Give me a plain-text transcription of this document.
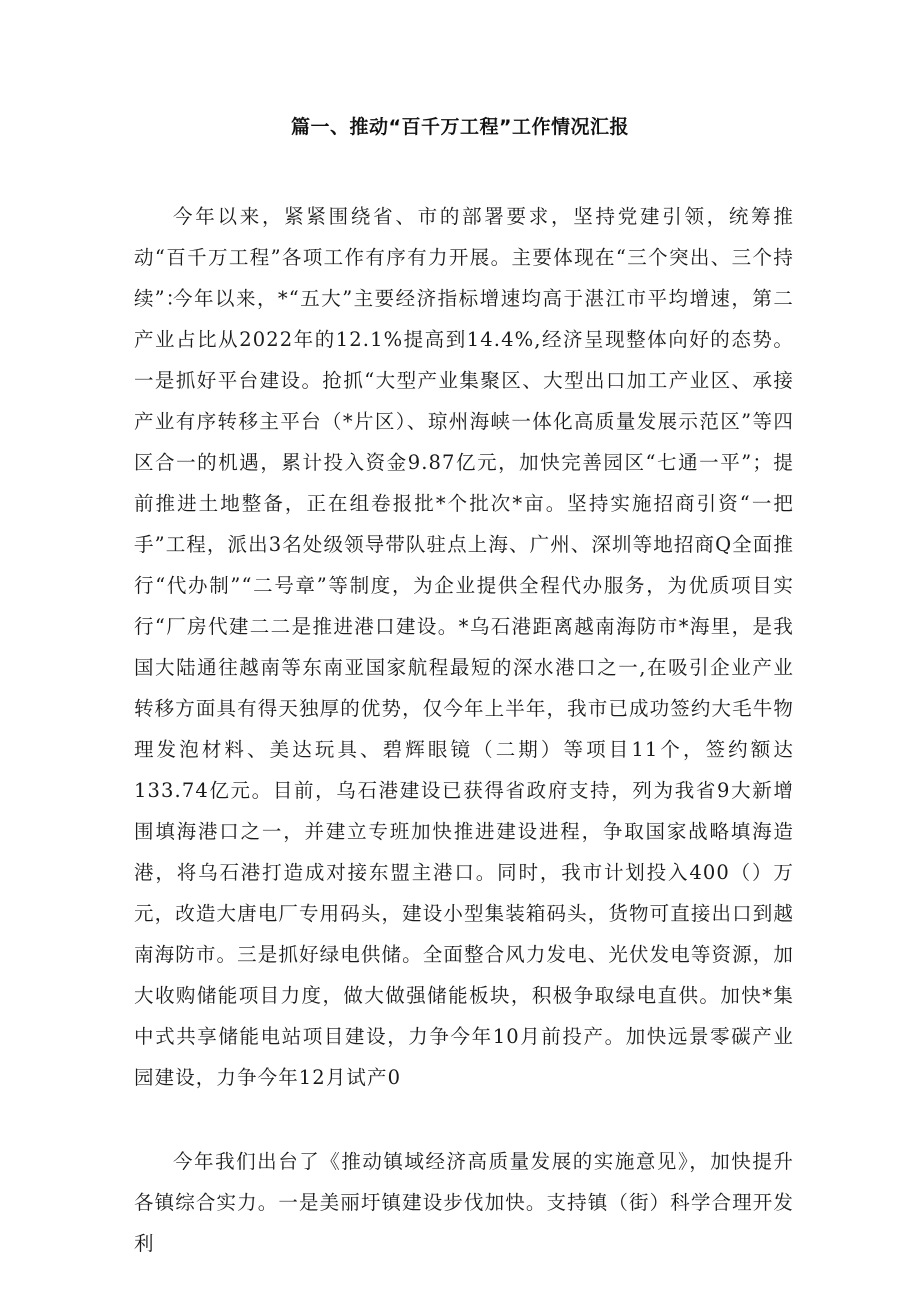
篇一、推动“百千万工程”工作情况汇报

今年以来，紧紧围绕省、市的部署要求，坚持党建引领，统筹推动“百千万工程”各项工作有序有力开展。主要体现在“三个突出、三个持续”：

今年以来，*“五大”主要经济指标增速均高于湛江市平均增速，第二产业占比从2022年的12.1%提高到14.4%,经济呈现整体向好的态势。一是抓好平台建设。抢抓“大型产业集聚区、大型出口加工产业区、承接产业有序转移主平台（*片区）、琼州海峡一体化高质量发展示范区”等四区合一的机遇，累计投入资金9.87亿元，加快完善园区“七通一平”；提前推进土地整备，正在组卷报批*个批次*亩。坚持实施招商引资“一把手”工程，派出3名处级领导带队驻点上海、广州、深圳等地招商Q全面推行“代办制”“二号章”等制度，为企业提供全程代办服务，为优质项目实行“厂房代建二二是推进港口建设。*乌石港距离越南海防市*海里，是我国大陆通往越南等东南亚国家航程最短的深水港口之一,在吸引企业产业转移方面具有得天独厚的优势，仅今年上半年，我市已成功签约大毛牛物理发泡材料、美达玩具、碧辉眼镜（二期）等项目11个，签约额达133.74亿元。目前，乌石港建设已获得省政府支持，列为我省9大新增围填海港口之一，并建立专班加快推进建设进程，争取国家战略填海造港，将乌石港打造成对接东盟主港口。同时，我市计划投入400（）万元，改造大唐电厂专用码头，建设小型集装箱码头，货物可直接出口到越南海防市。三是抓好绿电供储。全面整合风力发电、光伏发电等资源，加大收购储能项目力度，做大做强储能板块，积极争取绿电直供。加快*集中式共享储能电站项目建设，力争今年10月前投产。加快远景零碳产业园建设，力争今年12月试产0

今年我们出台了《推动镇域经济高质量发展的实施意见》，加快提升各镇综合实力。一是美丽圩镇建设步伐加快。支持镇（街）科学合理开发利
